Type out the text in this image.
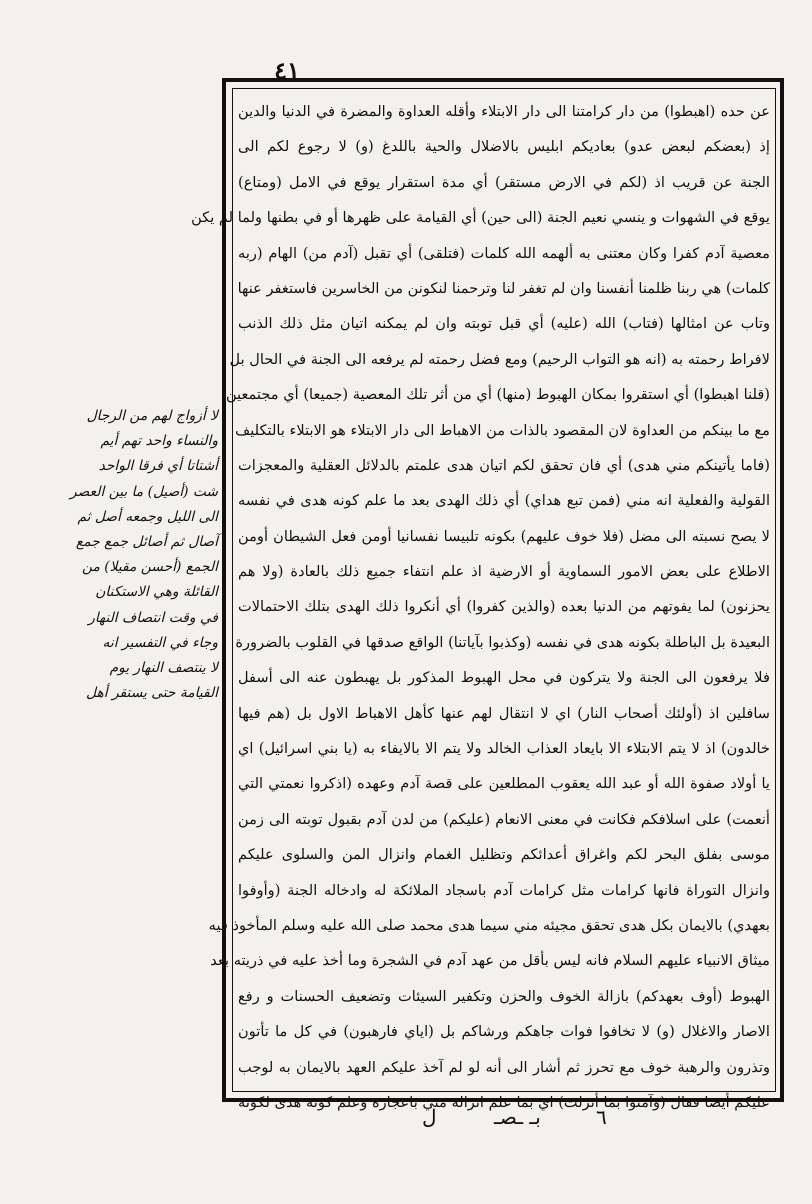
٤١
عن حده (اهبطوا) من دار كرامتنا الى دار الابتلاء وأقله العداوة والمضرة في الدنيا والدين
إذ (بعضكم لبعض عدو) بعاديكم ابليس بالاضلال والحية باللدغ (و) لا رجوع لكم الى
الجنة عن قريب اذ (لكم في الارض مستقر) أي مدة استقرار يوقع في الامل (ومتاع)
يوقع في الشهوات و ينسي نعيم الجنة (الى حين) أي القيامة على ظهرها أو في بطنها ولما لم يكن
معصية آدم كفرا وكان معتنى به ألهمه الله كلمات (فتلقى) أي تقبل (آدم من) الهام (ربه
كلمات) هي ربنا ظلمنا أنفسنا وان لم تغفر لنا وترحمنا لنكونن من الخاسرين فاستغفر عنها
وتاب عن امثالها (فتاب) الله (عليه) أي قبل توبته وان لم يمكنه اتيان مثل ذلك الذنب
لافراط رحمته به (انه هو التواب الرحيم) ومع فضل رحمته لم يرفعه الى الجنة في الحال بل
(قلنا اهبطوا) أي استقروا بمكان الهبوط (منها) أي من أثر تلك المعصية (جميعا) أي مجتمعين
مع ما بينكم من العداوة لان المقصود بالذات من الاهباط الى دار الابتلاء هو الابتلاء بالتكليف
(فاما يأتينكم مني هدى) أي فان تحقق لكم اتيان هدى علمتم بالدلائل العقلية والمعجزات
القولية والفعلية انه مني (فمن تبع هداي) أي ذلك الهدى بعد ما علم كونه هدى في نفسه
لا يصح نسبته الى مضل (فلا خوف عليهم) بكونه تلبيسا نفسانيا أومن فعل الشيطان أومن
الاطلاع على بعض الامور السماوية أو الارضية اذ علم انتفاء جميع ذلك بالعادة (ولا هم
يحزنون) لما يفوتهم من الدنيا بعده (والذين كفروا) أي أنكروا ذلك الهدى بتلك الاحتمالات
البعيدة بل الباطلة بكونه هدى في نفسه (وكذبوا بآياتنا) الواقع صدقها في القلوب بالضرورة
فلا يرفعون الى الجنة ولا يتركون في محل الهبوط المذكور بل يهبطون عنه الى أسفل
سافلين اذ (أولئك أصحاب النار) اي لا انتقال لهم عنها كأهل الاهباط الاول بل (هم فيها
خالدون) اذ لا يتم الابتلاء الا بايعاد العذاب الخالد ولا يتم الا بالايفاء به (يا بني اسرائيل) اي
يا أولاد صفوة الله أو عبد الله يعقوب المطلعين على قصة آدم وعهده (اذكروا نعمتي التي
أنعمت) على اسلافكم فكانت في معنى الانعام (عليكم) من لدن آدم بقبول توبته الى زمن
موسى بفلق البحر لكم واغراق أعدائكم وتظليل الغمام وانزال المن والسلوى عليكم
وانزال التوراة فانها كرامات مثل كرامات آدم باسجاد الملائكة له وادخاله الجنة (وأوفوا
بعهدي) بالايمان بكل هدى تحقق مجيئه مني سيما هدى محمد صلى الله عليه وسلم المأخوذ فيه
ميثاق الانبياء عليهم السلام فانه ليس بأقل من عهد آدم في الشجرة وما أخذ عليه في ذريته بعد
الهبوط (أوف بعهدكم) بازالة الخوف والحزن وتكفير السيئات وتضعيف الحسنات و رفع
الاصار والاغلال (و) لا تخافوا فوات جاهكم ورشاكم بل (اياي فارهبون) في كل ما تأتون
وتذرون والرهبة خوف مع تحرز ثم أشار الى أنه لو لم آخذ عليكم العهد بالايمان به لوجب
عليكم أيضا فقال (وآمنوا بما أنزلت) اي بما علم انزاله مني باعجازه وعلم كونه هدى لكونه
لا أزواج لهم من الرجال
والنساء واحد تهم أيم
أشتاتا أي فرقا الواحد
شت (أصيل) ما بين العصر
الى الليل وجمعه أصل ثم
آصال ثم أصائل جمع جمع
الجمع (أحسن مقيلا) من
القائلة وهي الاستكنان
في وقت انتصاف النهار
وجاء في التفسير انه
لا ينتصف النهار يوم
القيامة حتى يستقر أهل
٦
بـ ـصـ
ل
